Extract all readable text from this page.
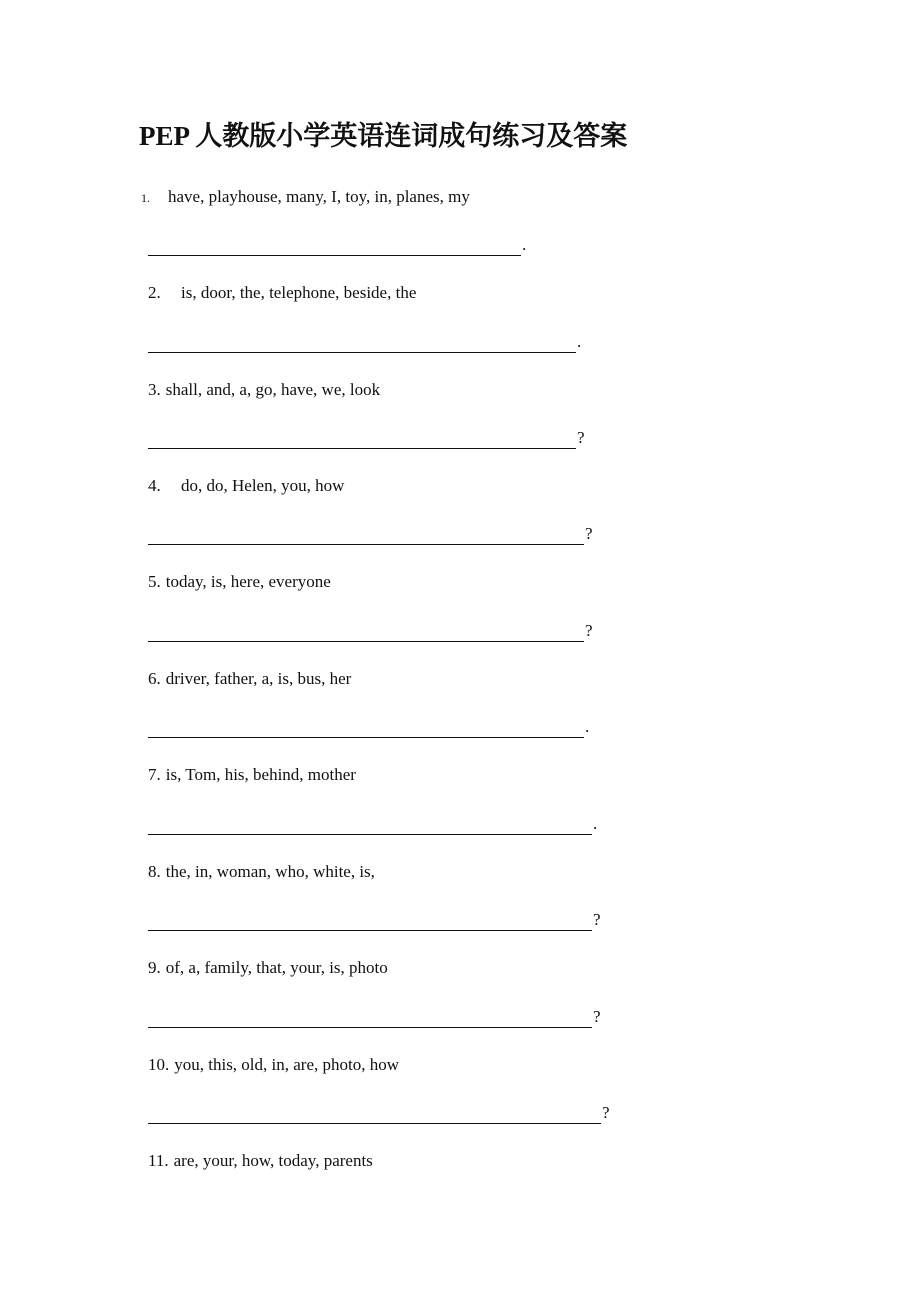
PEP 人教版小学英语连词成句练习及答案
1. have, playhouse, many, I, toy, in, planes, my
.
2. is, door, the, telephone, beside, the
.
3. shall, and, a, go, have, we, look
?
4. do, do, Helen, you, how
?
5. today, is, here, everyone
?
6. driver, father, a, is, bus, her
.
7. is, Tom, his, behind, mother
.
8. the, in, woman, who, white, is,
?
9. of, a, family, that, your, is, photo
?
10. you, this, old, in, are, photo, how
?
11. are, your, how, today, parents
